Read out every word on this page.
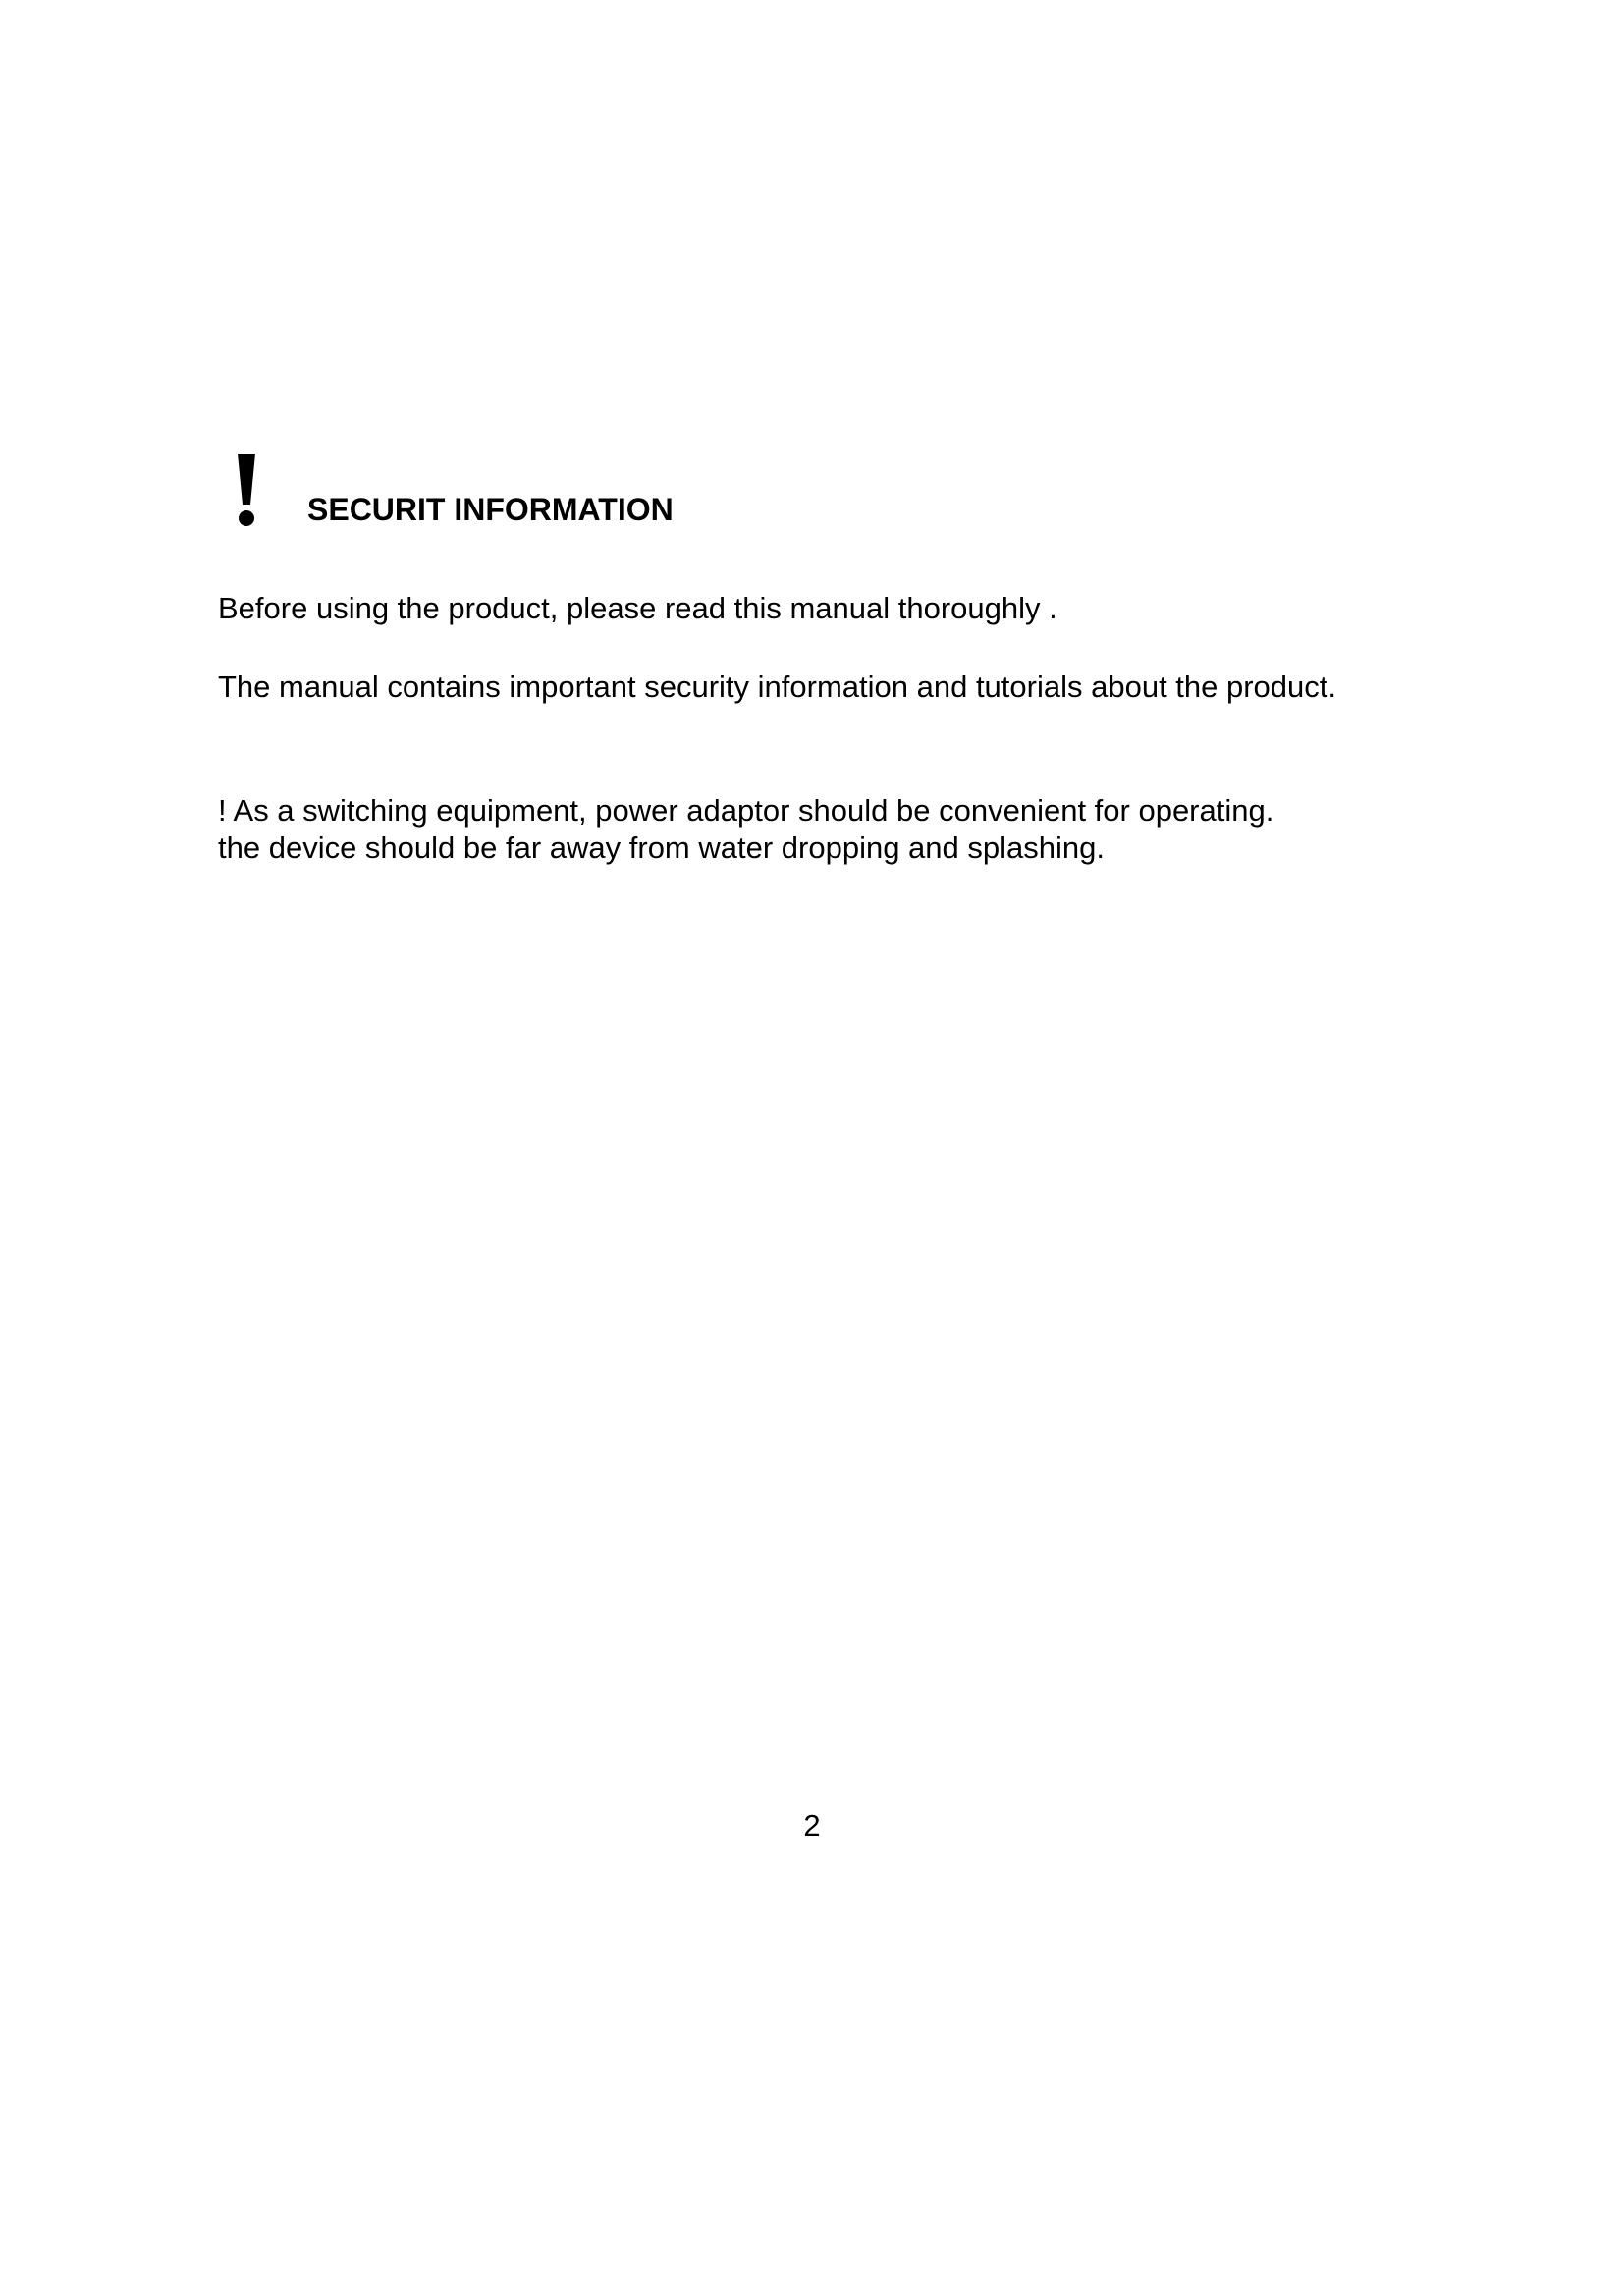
SECURIT INFORMATION
Before using the product, please read this manual thoroughly .
The manual contains important security information and tutorials about the product.
! As a switching equipment, power adaptor should be convenient for operating.
the device should be far away from water dropping and splashing.
2
